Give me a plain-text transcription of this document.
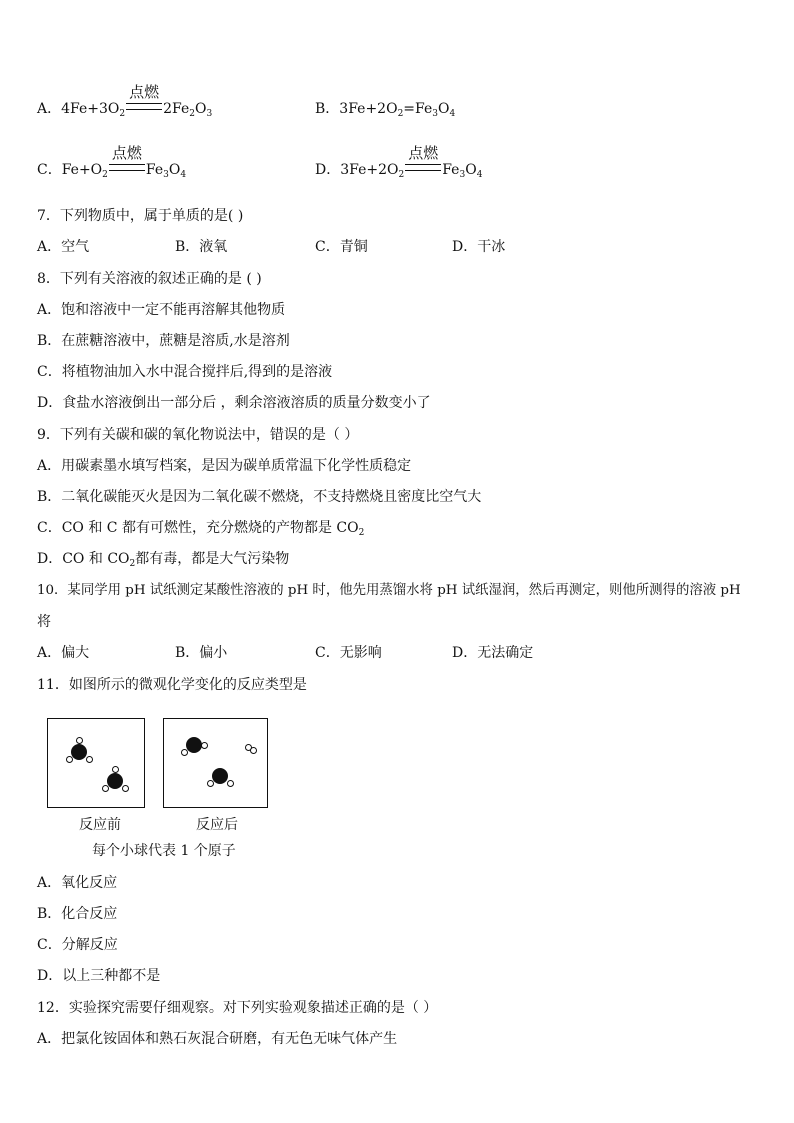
A．$4Fe+3O_2$
点燃
$2Fe_2O_3$	B．$3Fe+2O_2=Fe_3O_4$
C．$Fe+O_2$
点燃
$Fe_3O_4$	D．$3Fe+2O_2$
点燃
$Fe_3O_4$
7．下列物质中，属于单质的是( )
A．空气	B．液氧	C．青铜	D．干冰
8．下列有关溶液的叙述正确的是 ( )
A．饱和溶液中一定不能再溶解其他物质
B．在蔗糖溶液中，蔗糖是溶质,水是溶剂
C．将植物油加入水中混合搅拌后,得到的是溶液
D．食盐水溶液倒出一部分后 ，剩余溶液溶质的质量分数变小了
9．下列有关碳和碳的氧化物说法中，错误的是（ ）
A．用碳素墨水填写档案，是因为碳单质常温下化学性质稳定
B．二氧化碳能灭火是因为二氧化碳不燃烧，不支持燃烧且密度比空气大
C．CO 和 C 都有可燃性，充分燃烧的产物都是 $CO_2$
D．CO 和 $CO_2$都有毒，都是大气污染物
10．某同学用 pH 试纸测定某酸性溶液的 pH 时，他先用蒸馏水将 pH 试纸湿润，然后再测定，则他所测得的溶液 pH
将
A．偏大	B．偏小	C．无影响	D．无法确定
11．如图所示的微观化学变化的反应类型是
反应前	反应后
每个小球代表 1 个原子
A．氧化反应
B．化合反应
C．分解反应
D．以上三种都不是
12．实验探究需要仔细观察。对下列实验观象描述正确的是（ ）
A．把氯化铵固体和熟石灰混合研磨，有无色无味气体产生
